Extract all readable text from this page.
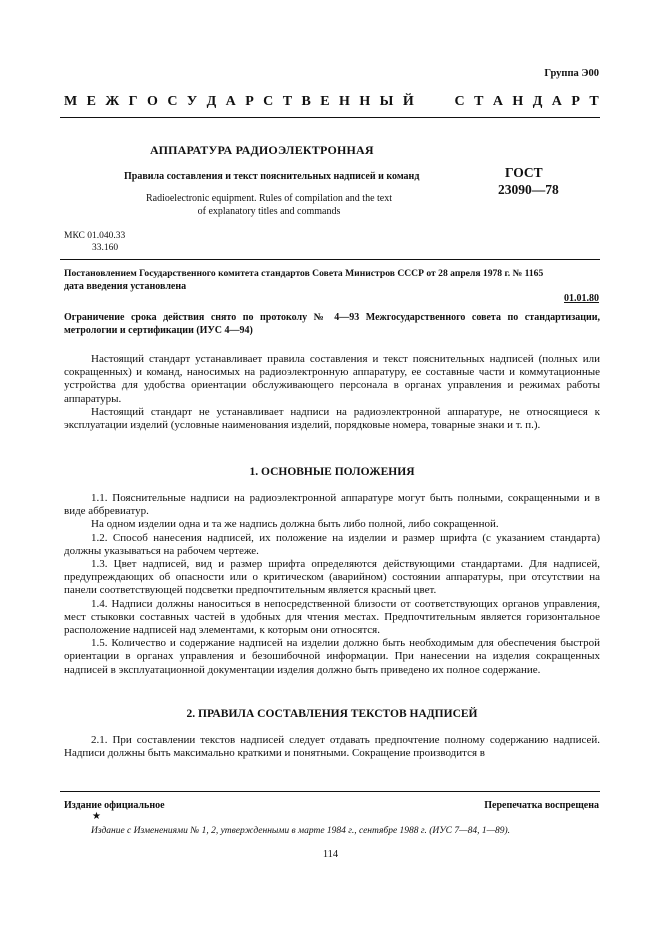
Группа Э00
М Е Ж Г О С У Д А Р С Т В Е Н Н Ы Й	С Т А Н Д А Р Т
АППАРАТУРА РАДИОЭЛЕКТРОННАЯ
Правила составления и текст пояснительных надписей и команд	ГОСТ
23090—78
Radioelectronic equipment. Rules of compilation and the text
of explanatory titles and commands
МКС 01.040.33
33.160
Постановлением Государственного комитета стандартов Совета Министров СССР от 28 апреля 1978 г. № 1165
дата введения установлена
01.01.80
Ограничение срока действия снято по протоколу № 4—93 Межгосударственного совета по стандартизации, метрологии и сертификации (ИУС 4—94)

Настоящий стандарт устанавливает правила составления и текст пояснительных надписей (полных или сокращенных) и команд, наносимых на радиоэлектронную аппаратуру, ее составные части и коммутационные устройства для удобства ориентации обслуживающего персонала в органах управления и режимах работы аппаратуры.

Настоящий стандарт не устанавливает надписи на радиоэлектронной аппаратуре, не относящиеся к эксплуатации изделий (условные наименования изделий, порядковые номера, товарные знаки и т. п.).

1. ОСНОВНЫЕ ПОЛОЖЕНИЯ

1.1. Пояснительные надписи на радиоэлектронной аппаратуре могут быть полными, сокращенными и в виде аббревиатур.

На одном изделии одна и та же надпись должна быть либо полной, либо сокращенной.

1.2. Способ нанесения надписей, их положение на изделии и размер шрифта (с указанием стандарта) должны указываться на рабочем чертеже.

1.3. Цвет надписей, вид и размер шрифта определяются действующими стандартами. Для надписей, предупреждающих об опасности или о критическом (аварийном) состоянии аппаратуры, при отсутствии на панели соответствующей подсветки предпочтительным является красный цвет.

1.4. Надписи должны наноситься в непосредственной близости от соответствующих органов управления, мест стыковки составных частей в удобных для чтения местах. Предпочтительным является горизонтальное расположение надписей над элементами, к которым они относятся.

1.5. Количество и содержание надписей на изделии должно быть необходимым для обеспечения быстрой ориентации в органах управления и безошибочной информации. При нанесении на изделия сокращенных надписей в эксплуатационной документации изделия должно быть приведено их полное содержание.

2. ПРАВИЛА СОСТАВЛЕНИЯ ТЕКСТОВ НАДПИСЕЙ

2.1. При составлении текстов надписей следует отдавать предпочтение полному содержанию надписей. Надписи должны быть максимально краткими и понятными. Сокращение производится в

Издание официальное	Перепечатка воспрещена
★
Издание с Изменениями № 1, 2, утвержденными в марте 1984 г., сентябре 1988 г. (ИУС 7—84, 1—89).
114
